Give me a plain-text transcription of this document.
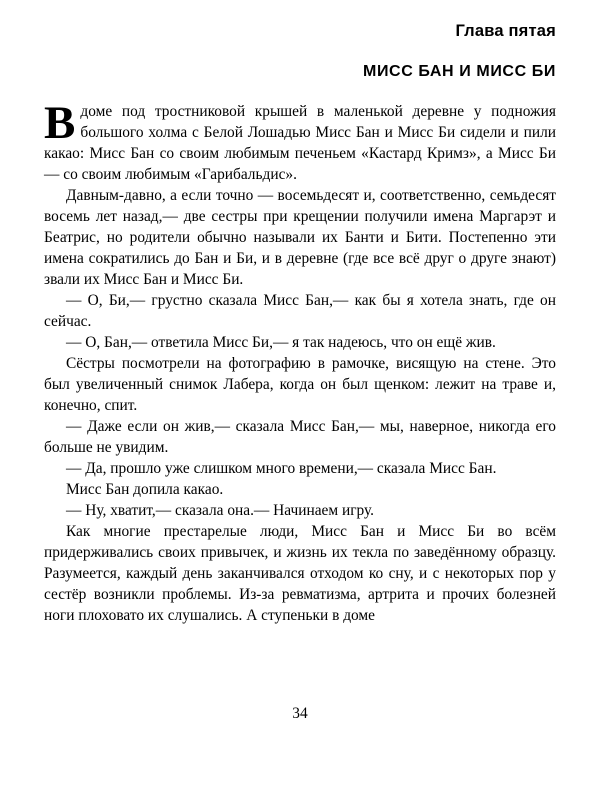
Глава пятая
МИСС БАН И МИСС БИ

Вдоме под тростниковой крышей в маленькой деревне у подножия большого холма с Белой Лошадью Мисс Бан и Мисс Би сидели и пили какао: Мисс Бан со своим любимым печеньем «Кастард Кримз», а Мисс Би — со своим любимым «Гарибальдис».

Давным-давно, а если точно — восемьдесят и, соответственно, семьдесят восемь лет назад,— две сестры при крещении получили имена Маргарэт и Беатрис, но родители обычно называли их Банти и Бити. Постепенно эти имена сократились до Бан и Би, и в деревне (где все всё друг о друге знают) звали их Мисс Бан и Мисс Би.

— О, Би,— грустно сказала Мисс Бан,— как бы я хотела знать, где он сейчас.

— О, Бан,— ответила Мисс Би,— я так надеюсь, что он ещё жив.

Сёстры посмотрели на фотографию в рамочке, висящую на стене. Это был увеличенный снимок Лабера, когда он был щенком: лежит на траве и, конечно, спит.

— Даже если он жив,— сказала Мисс Бан,— мы, наверное, никогда его больше не увидим.

— Да, прошло уже слишком много времени,— сказала Мисс Бан.

Мисс Бан допила какао.

— Ну, хватит,— сказала она.— Начинаем игру.

Как многие престарелые люди, Мисс Бан и Мисс Би во всём придерживались своих привычек, и жизнь их текла по заведённому образцу. Разумеется, каждый день заканчивался отходом ко сну, и с некоторых пор у сестёр возникли проблемы. Из-за ревматизма, артрита и прочих болезней ноги плоховато их слушались. А ступеньки в доме

34
